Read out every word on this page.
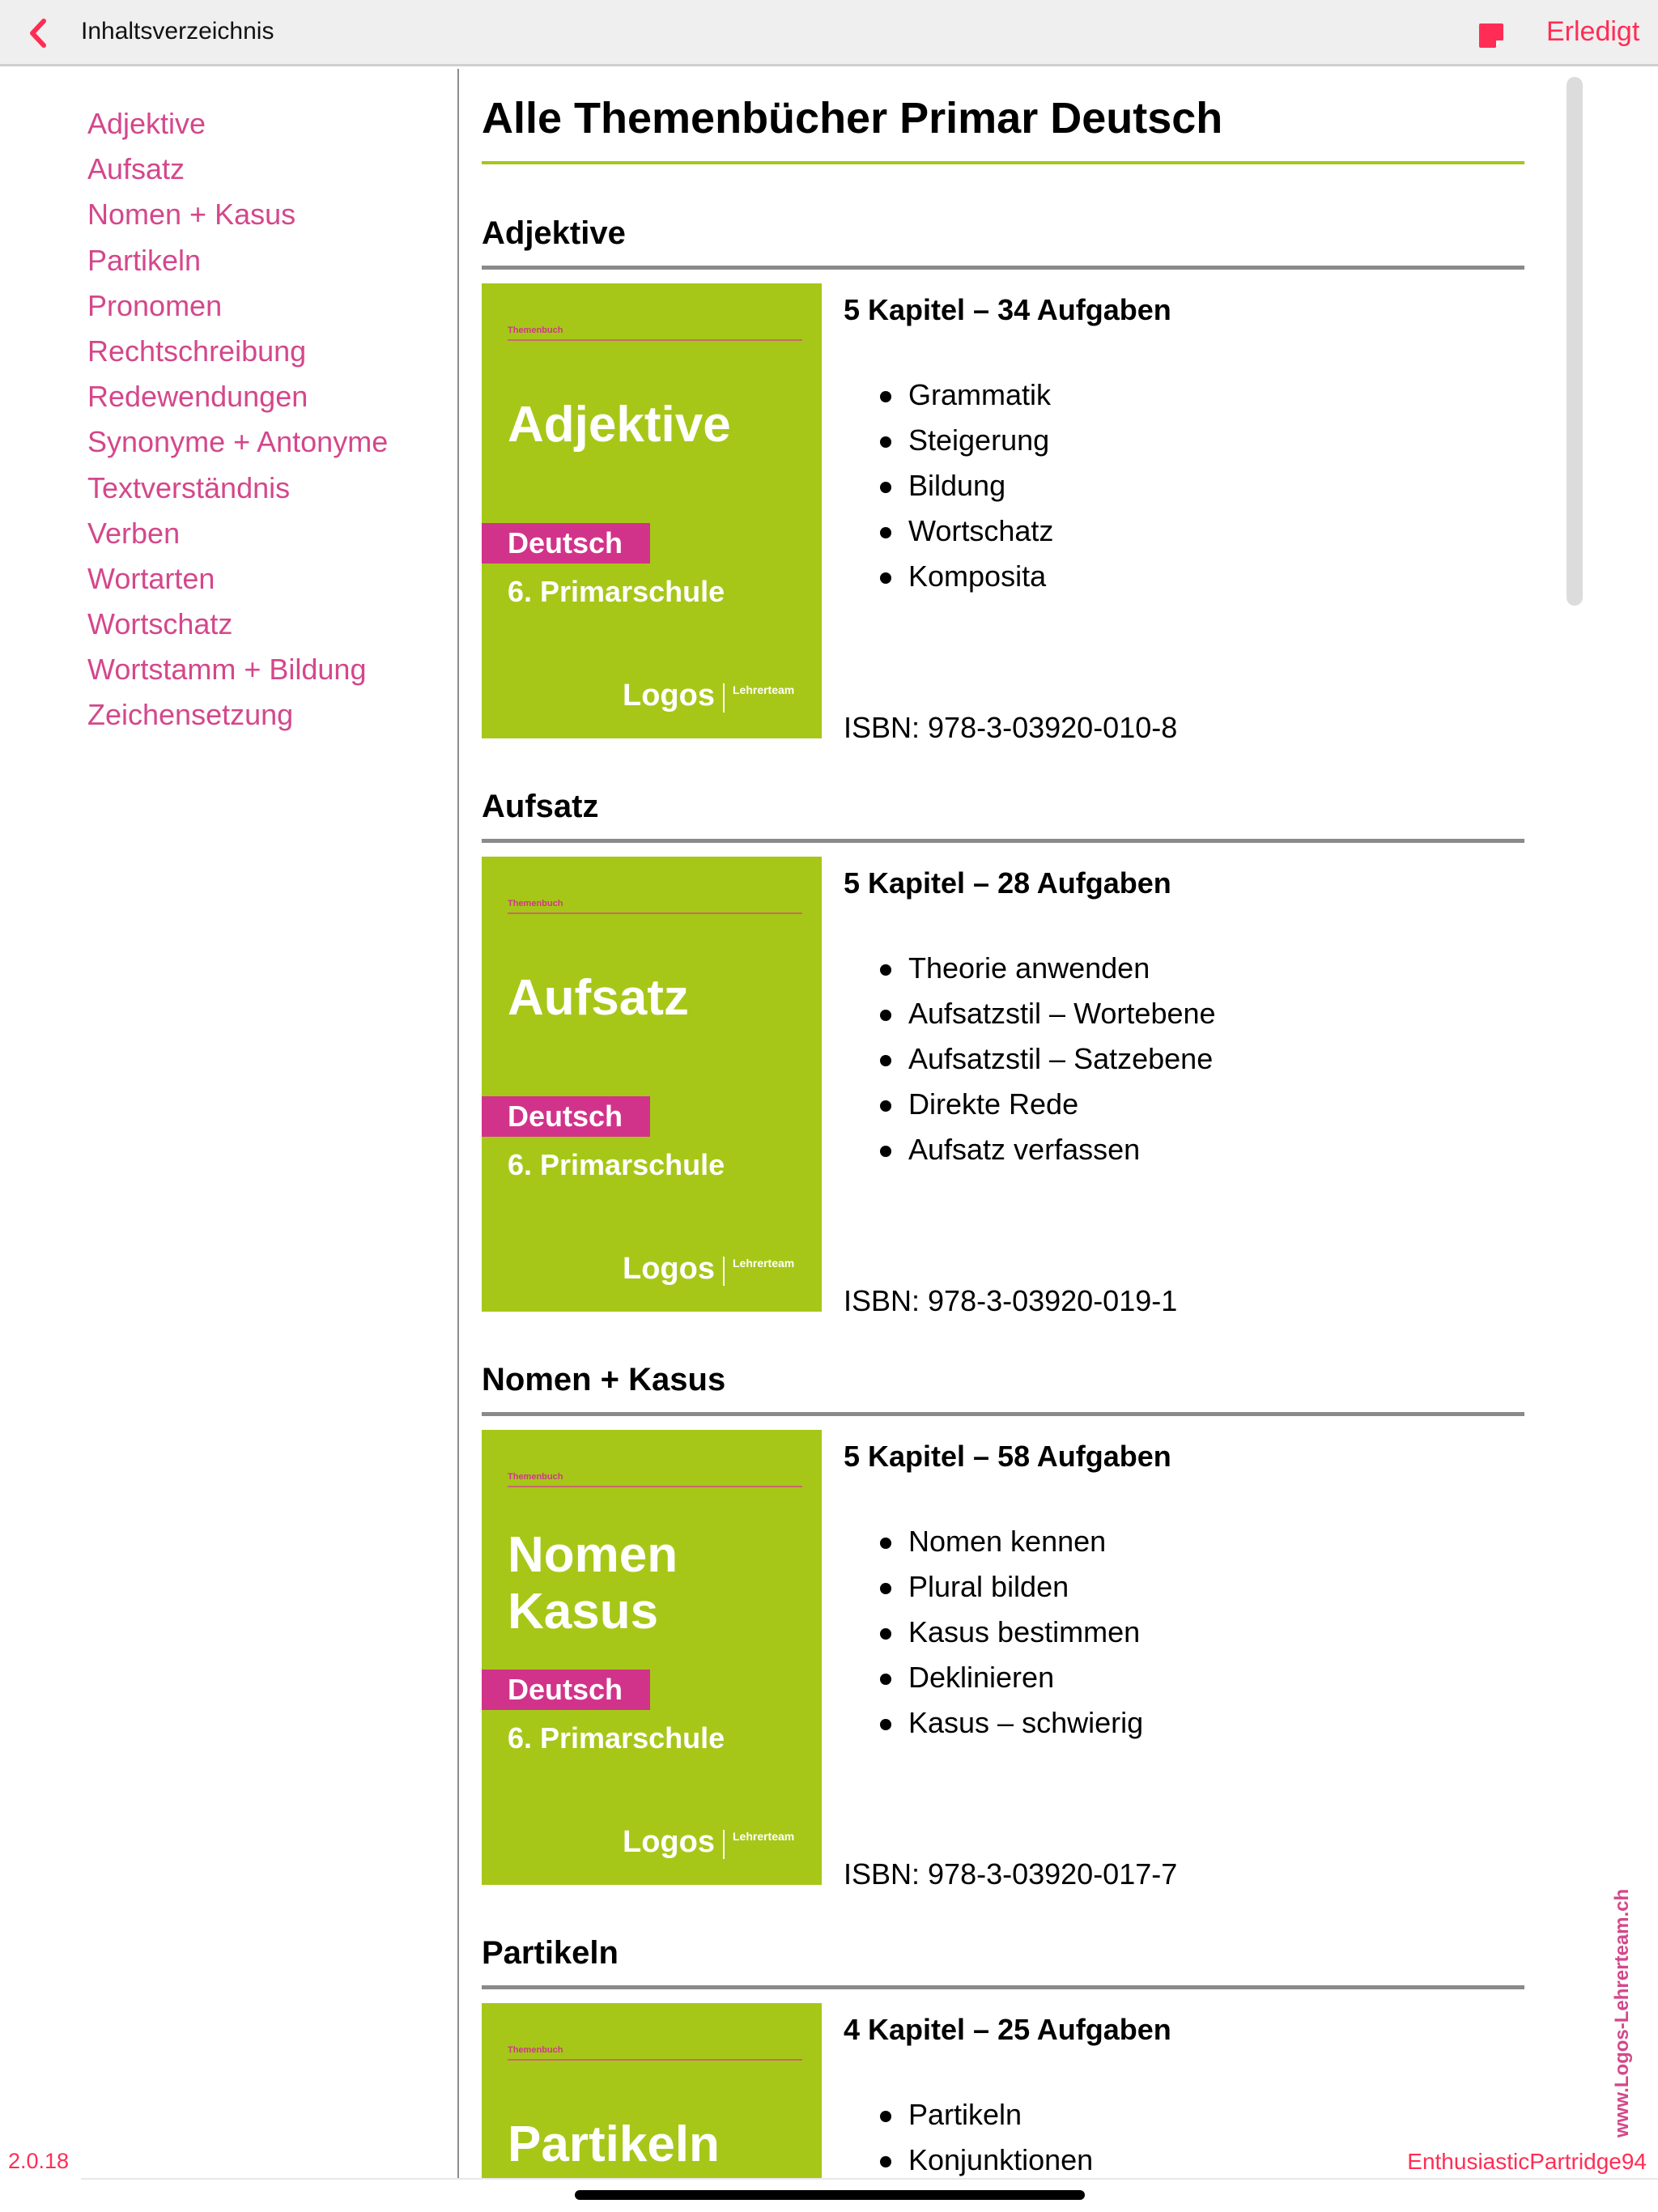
Inhaltsverzeichnis	Erledigt
Adjektive
Aufsatz
Nomen + Kasus
Partikeln
Pronomen
Rechtschreibung
Redewendungen
Synonyme + Antonyme
Textverständnis
Verben
Wortarten
Wortschatz
Wortstamm + Bildung
Zeichensetzung
Alle Themenbücher Primar Deutsch
Adjektive
Themenbuch
Adjektive
Deutsch
6. Primarschule
Logos Lehrerteam
5 Kapitel – 34 Aufgaben
Grammatik
Steigerung
Bildung
Wortschatz
Komposita
ISBN: 978-3-03920-010-8
Aufsatz
Themenbuch
Aufsatz
Deutsch
6. Primarschule
Logos Lehrerteam
5 Kapitel – 28 Aufgaben
Theorie anwenden
Aufsatzstil – Wortebene
Aufsatzstil – Satzebene
Direkte Rede
Aufsatz verfassen
ISBN: 978-3-03920-019-1
Nomen + Kasus
Themenbuch
Nomen
Kasus
Deutsch
6. Primarschule
Logos Lehrerteam
5 Kapitel – 58 Aufgaben
Nomen kennen
Plural bilden
Kasus bestimmen
Deklinieren
Kasus – schwierig
ISBN: 978-3-03920-017-7
Partikeln
Themenbuch
Partikeln
4 Kapitel – 25 Aufgaben
Partikeln
Konjunktionen
2.0.18	EnthusiasticPartridge94
www.Logos-Lehrerteam.ch
